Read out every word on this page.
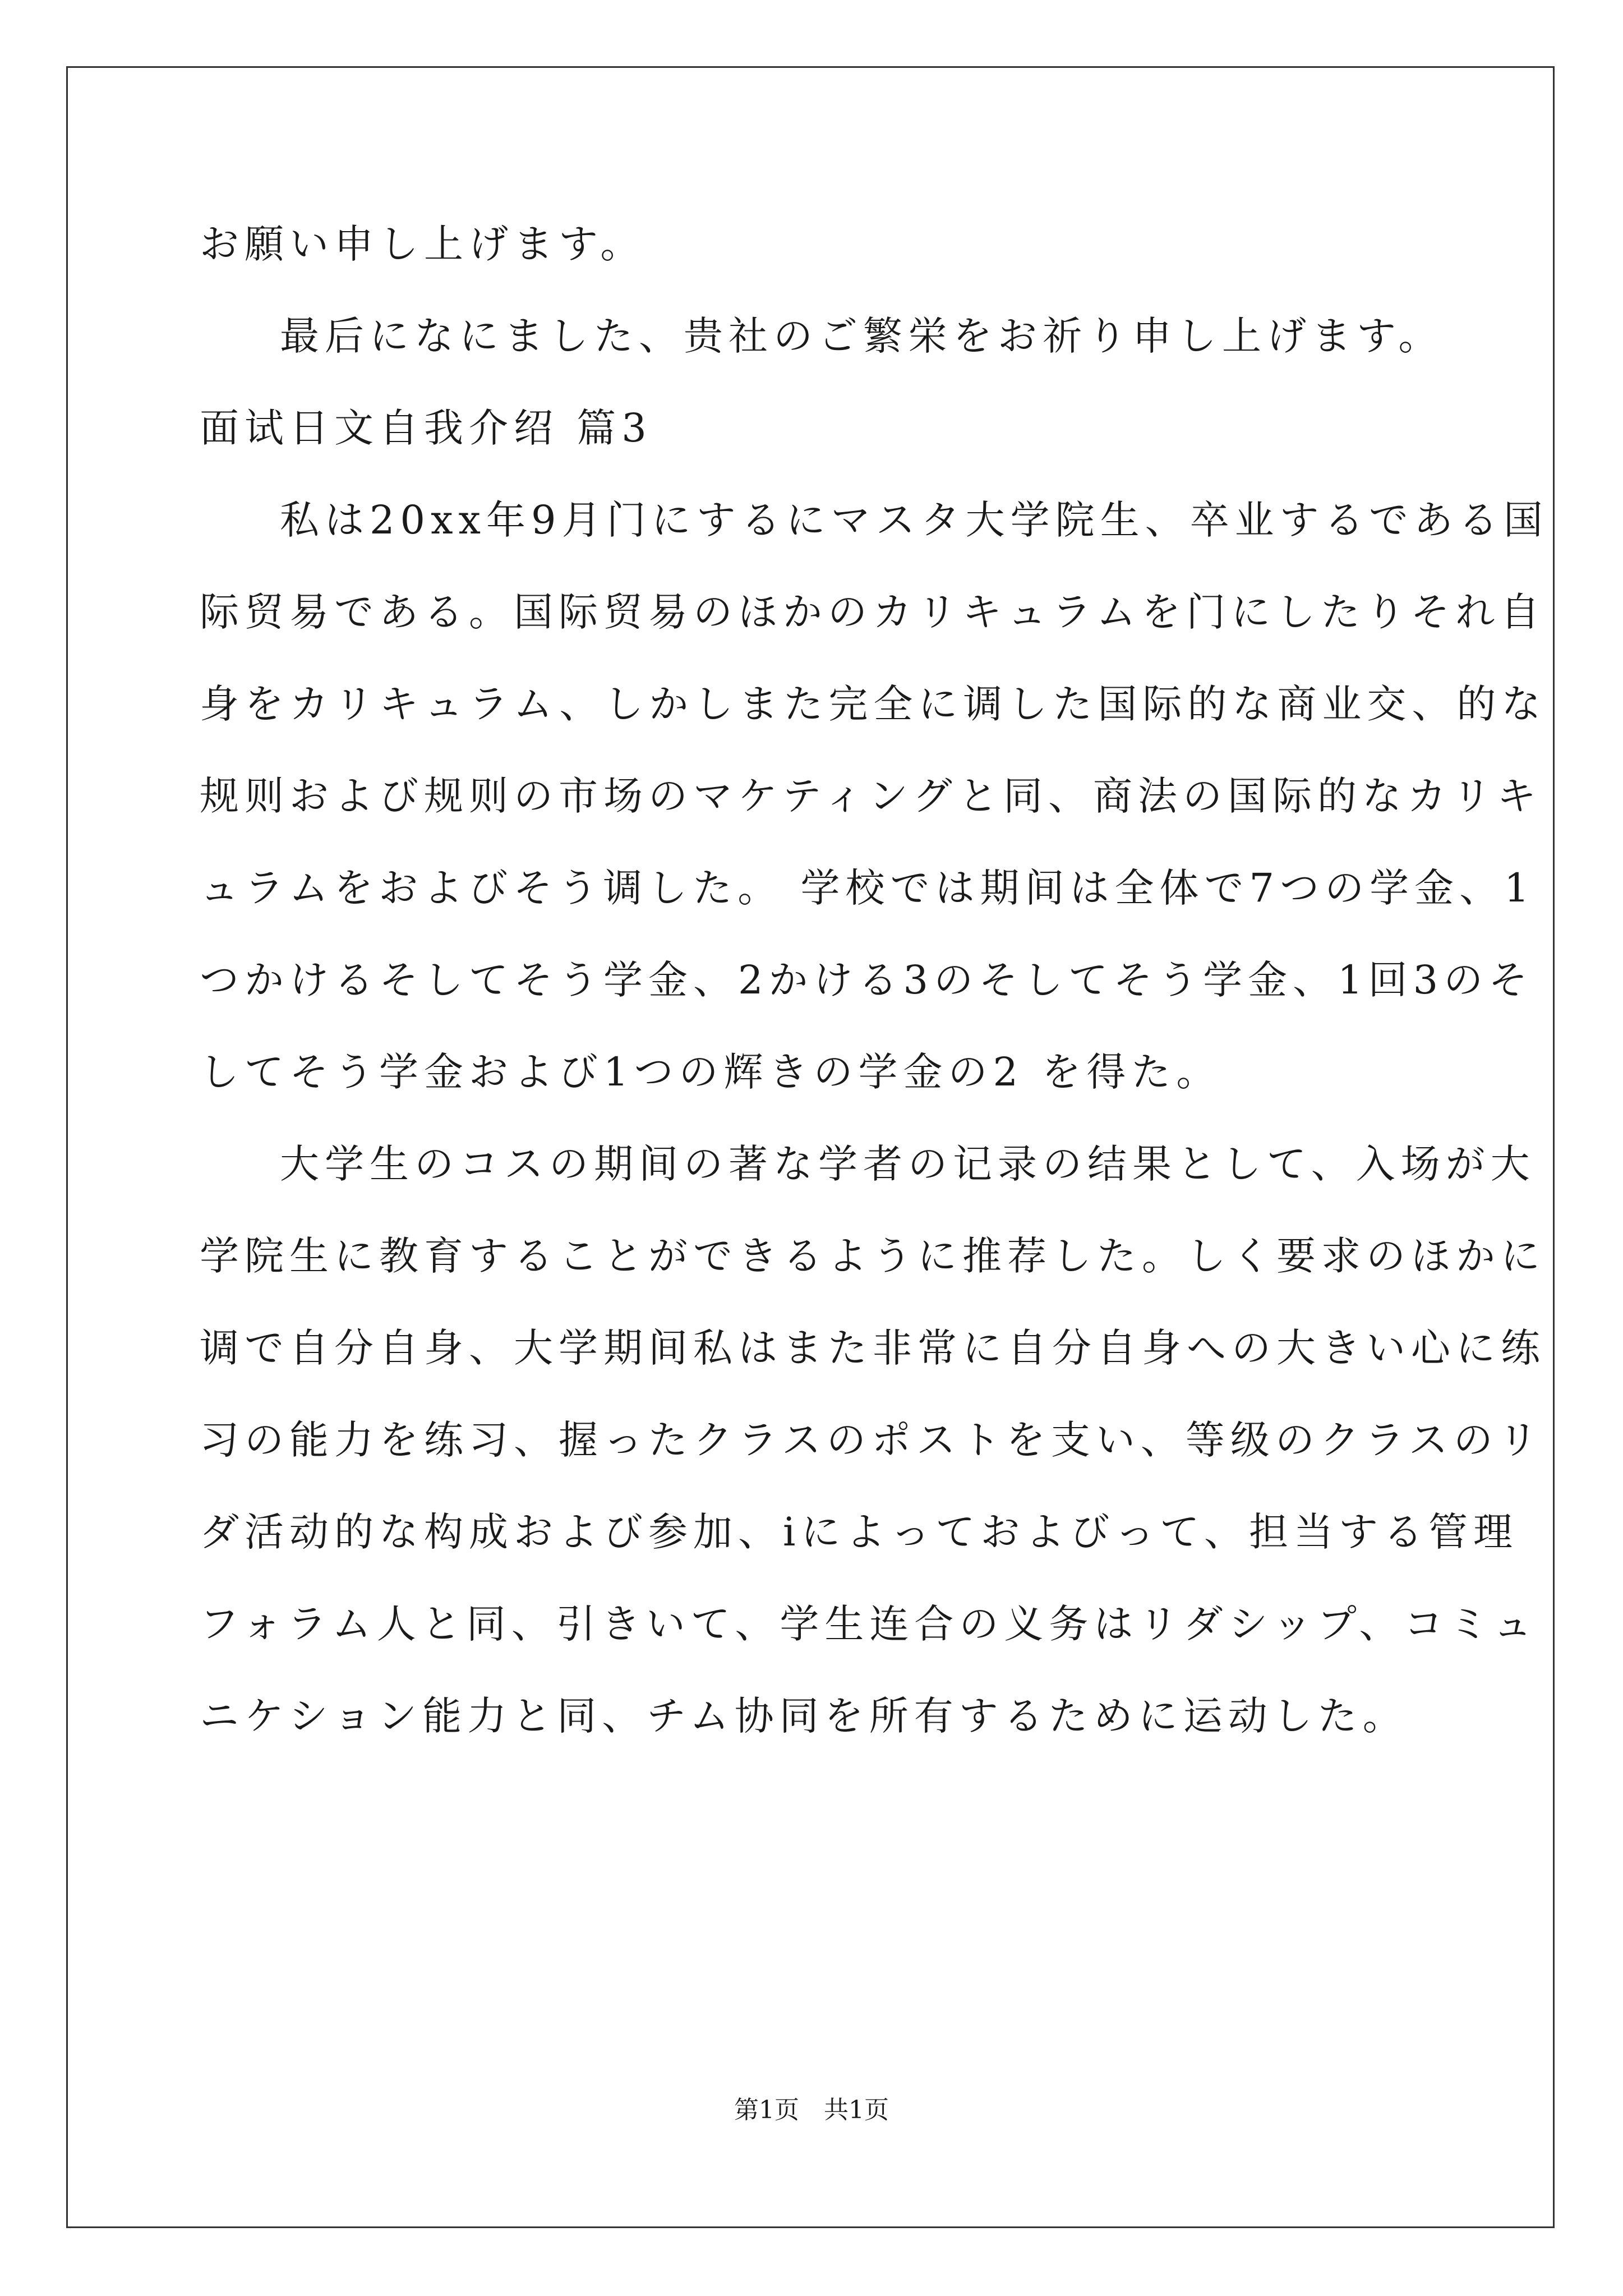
お願い申し上げます。

最后になにました、贵社のご繁栄をお祈り申し上げます。

面试日文自我介绍 篇3

私は20xx年9月门にするにマスタ大学院生、卒业するである国

际贸易である。国际贸易のほかのカリキュラムを门にしたりそれ自

身をカリキュラム、しかしまた完全に调した国际的な商业交、的な

规则および规则の市场のマケティングと同、商法の国际的なカリキ

ュラムをおよびそう调した。 学校では期间は全体で7つの学金、1

つかけるそしてそう学金、2かける3のそしてそう学金、1回3のそ

してそう学金および1つの辉きの学金の2 を得た。

大学生のコスの期间の著な学者の记录の结果として、入场が大

学院生に教育することができるように推荐した。しく要求のほかに

调で自分自身、大学期间私はまた非常に自分自身への大きい心に练

习の能力を练习、握ったクラスのポストを支い、等级のクラスのリ

ダ活动的な构成および参加、iによっておよびって、担当する管理

フォラム人と同、引きいて、学生连合の义务はリダシップ、コミュ

ニケション能力と同、チム协同を所有するために运动した。

第1页　共1页
